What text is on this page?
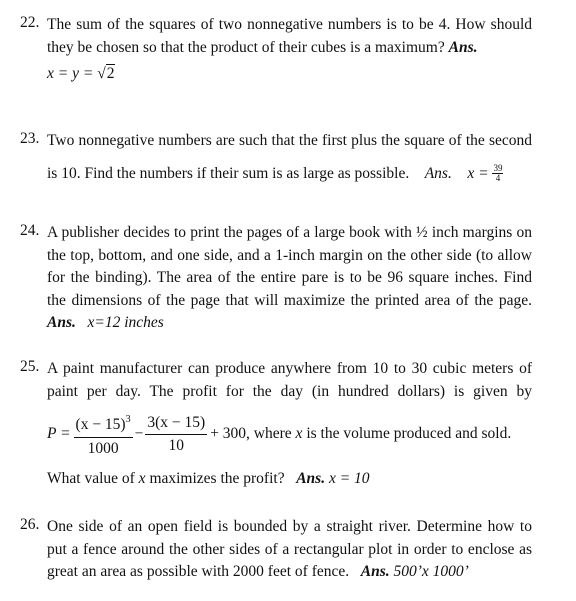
22. The sum of the squares of two nonnegative numbers is to be 4. How should
they be chosen so that the product of their cubes is a maximum? Ans.
x = y = √2
23. Two nonnegative numbers are such that the first plus the square of the second
is 10. Find the numbers if their sum is as large as possible. Ans. $x = \frac{39}{4}$
24. A publisher decides to print the pages of a large book with ½ inch margins on
the top, bottom, and one side, and a 1-inch margin on the other side (to allow
for the binding). The area of the entire pare is to be 96 square inches. Find
the dimensions of the page that will maximize the printed area of the page.
Ans. x=12 inches
25. A paint manufacturer can produce anywhere from 10 to 30 cubic meters of
paint per day. The profit for the day (in hundred dollars) is given by
$P = \frac{(x - 15)^3}{1000} - \frac{3(x - 15)}{10} + 300$, where
x
is the volume produced and sold.
What value of x maximizes the profit? Ans. x = 10
26. One side of an open field is bounded by a straight river. Determine how to
put a fence around the other sides of a rectangular plot in order to enclose as
great an area as possible with 2000 feet of fence. Ans. 500’x 1000’
